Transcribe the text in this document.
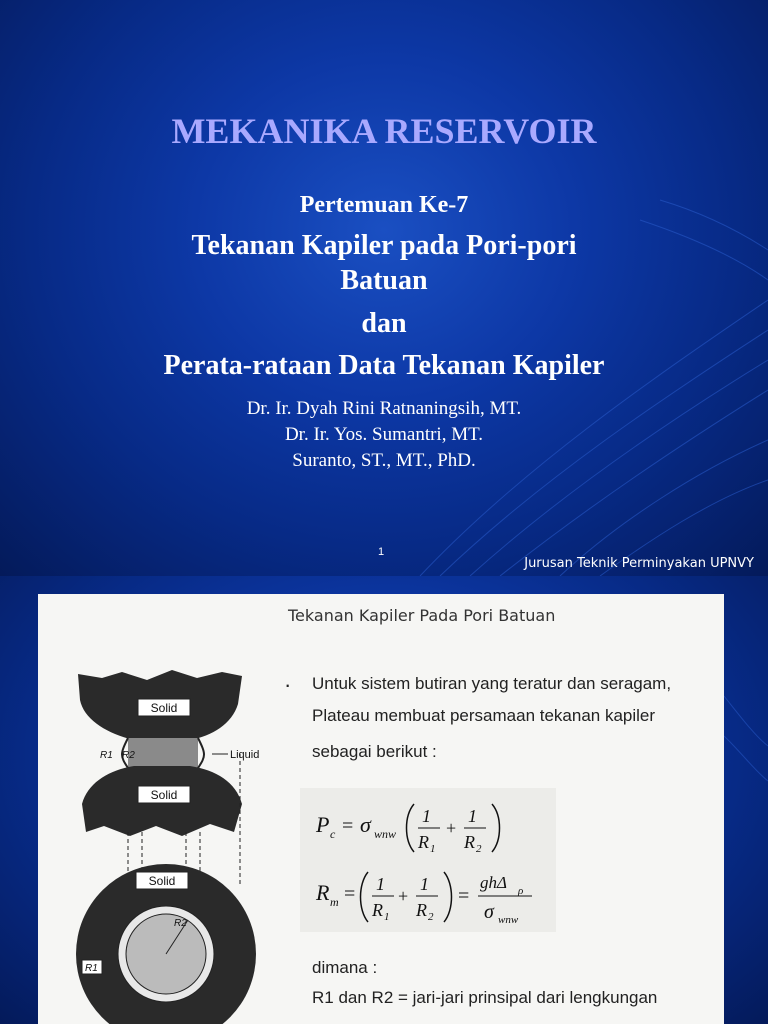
MEKANIKA RESERVOIR
Pertemuan Ke-7
Tekanan Kapiler pada Pori-pori
Batuan
dan
Perata-rataan Data Tekanan Kapiler
Dr. Ir. Dyah Rini Ratnaningsih, MT.
Dr. Ir. Yos. Sumantri, MT.
Suranto, ST., MT., PhD.
1
Jurusan Teknik Perminyakan UPNVY
Tekanan Kapiler Pada Pori Batuan
Solid
Solid
R1 R2	Liquid
Solid
R2
R1
· Untuk sistem butiran yang teratur dan seragam,

Plateau membuat persamaan tekanan kapiler

sebagai berikut :

P c = σ wnw
1
R 1
+
1
R 2
R m = 1
R 1
+
1
R 2
=
ghΔ ρ
σ wnw

dimana :

R1 dan R2 = jari-jari prinsipal dari lengkungan
